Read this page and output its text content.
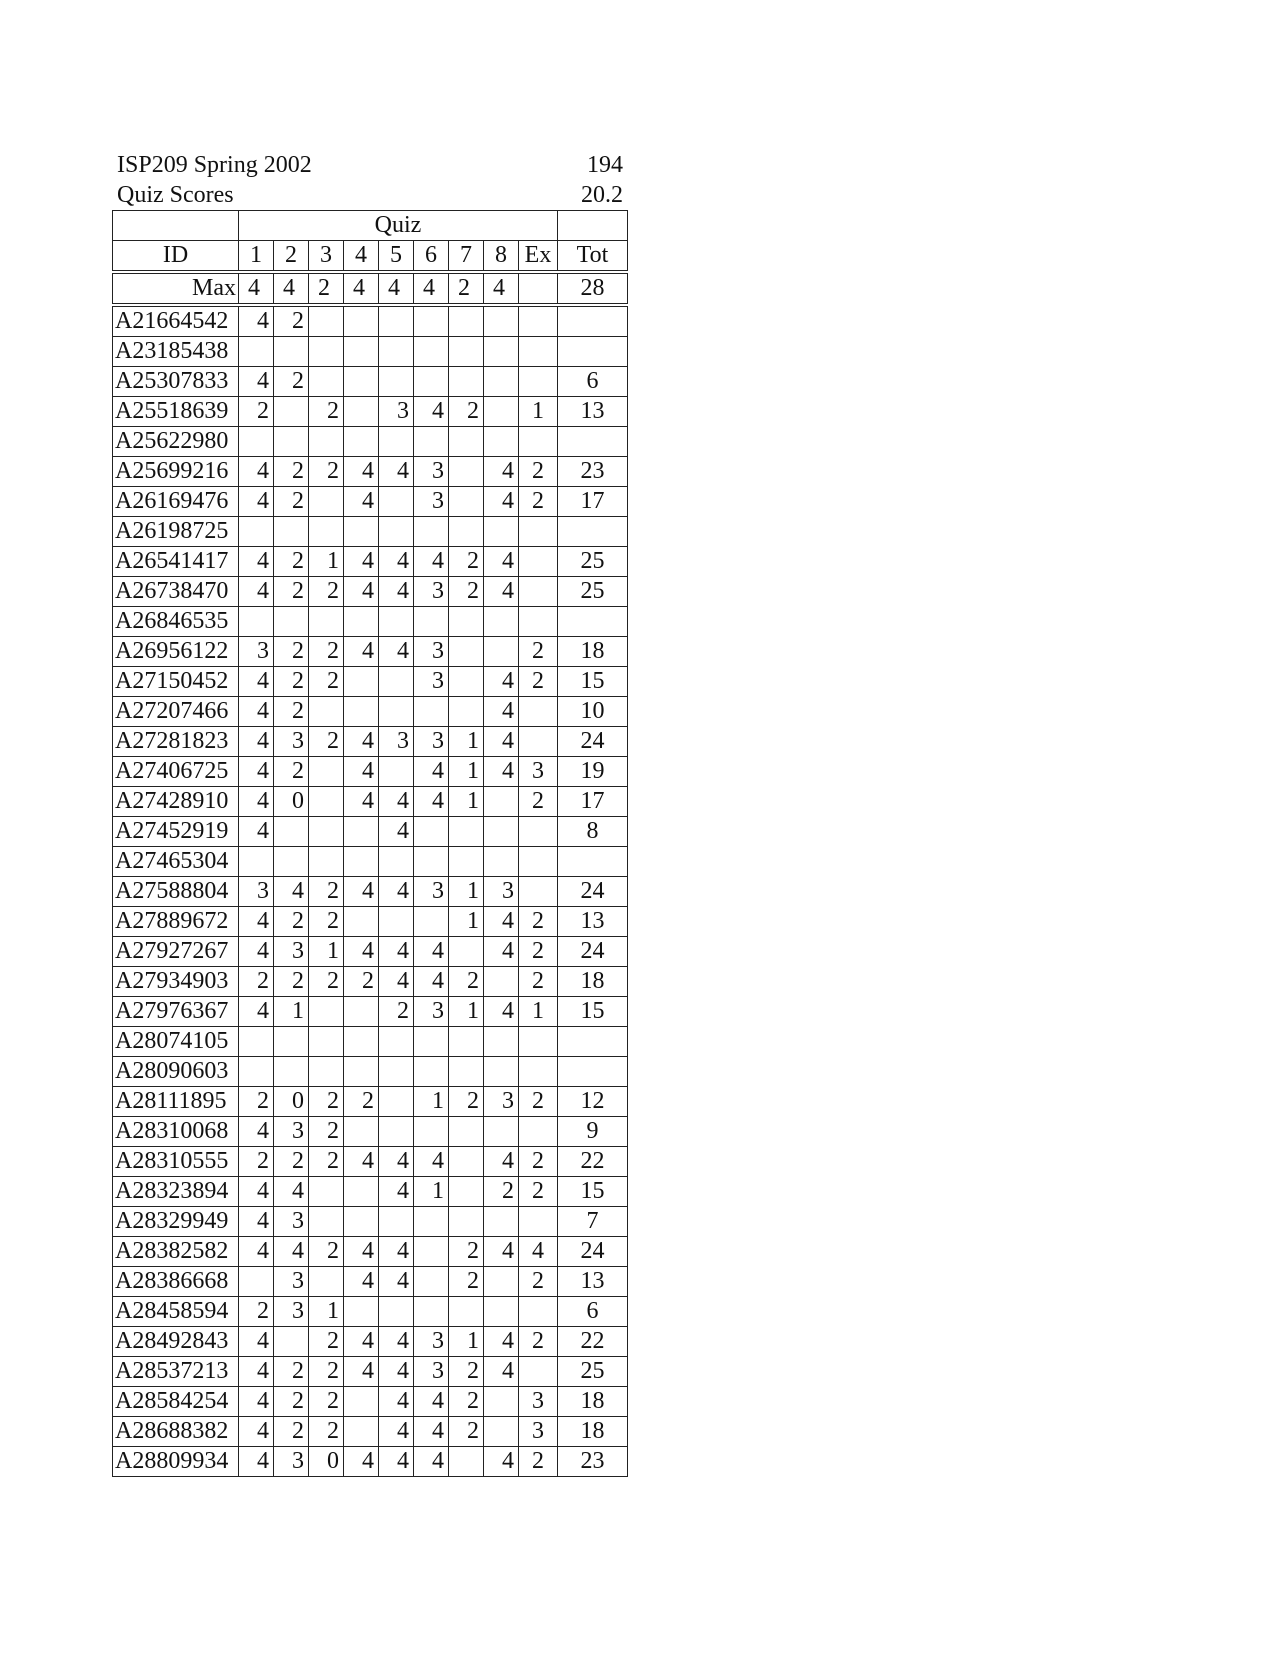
ISP209 Spring 2002	194
Quiz Scores	20.2
	Quiz									
ID	1	2	3	4	5	6	7	8	Ex	Tot
Max	4	4	2	4	4	4	2	4		28
A21664542	4	2								
A23185438										
A25307833	4	2								6
A25518639	2		2		3	4	2		1	13
A25622980										
A25699216	4	2	2	4	4	3		4	2	23
A26169476	4	2		4		3		4	2	17
A26198725										
A26541417	4	2	1	4	4	4	2	4		25
A26738470	4	2	2	4	4	3	2	4		25
A26846535										
A26956122	3	2	2	4	4	3			2	18
A27150452	4	2	2			3		4	2	15
A27207466	4	2						4		10
A27281823	4	3	2	4	3	3	1	4		24
A27406725	4	2		4		4	1	4	3	19
A27428910	4	0		4	4	4	1		2	17
A27452919	4				4					8
A27465304										
A27588804	3	4	2	4	4	3	1	3		24
A27889672	4	2	2				1	4	2	13
A27927267	4	3	1	4	4	4		4	2	24
A27934903	2	2	2	2	4	4	2		2	18
A27976367	4	1			2	3	1	4	1	15
A28074105										
A28090603										
A28111895	2	0	2	2		1	2	3	2	12
A28310068	4	3	2							9
A28310555	2	2	2	4	4	4		4	2	22
A28323894	4	4			4	1		2	2	15
A28329949	4	3								7
A28382582	4	4	2	4	4		2	4	4	24
A28386668		3		4	4		2		2	13
A28458594	2	3	1							6
A28492843	4		2	4	4	3	1	4	2	22
A28537213	4	2	2	4	4	3	2	4		25
A28584254	4	2	2		4	4	2		3	18
A28688382	4	2	2		4	4	2		3	18
A28809934	4	3	0	4	4	4		4	2	23
